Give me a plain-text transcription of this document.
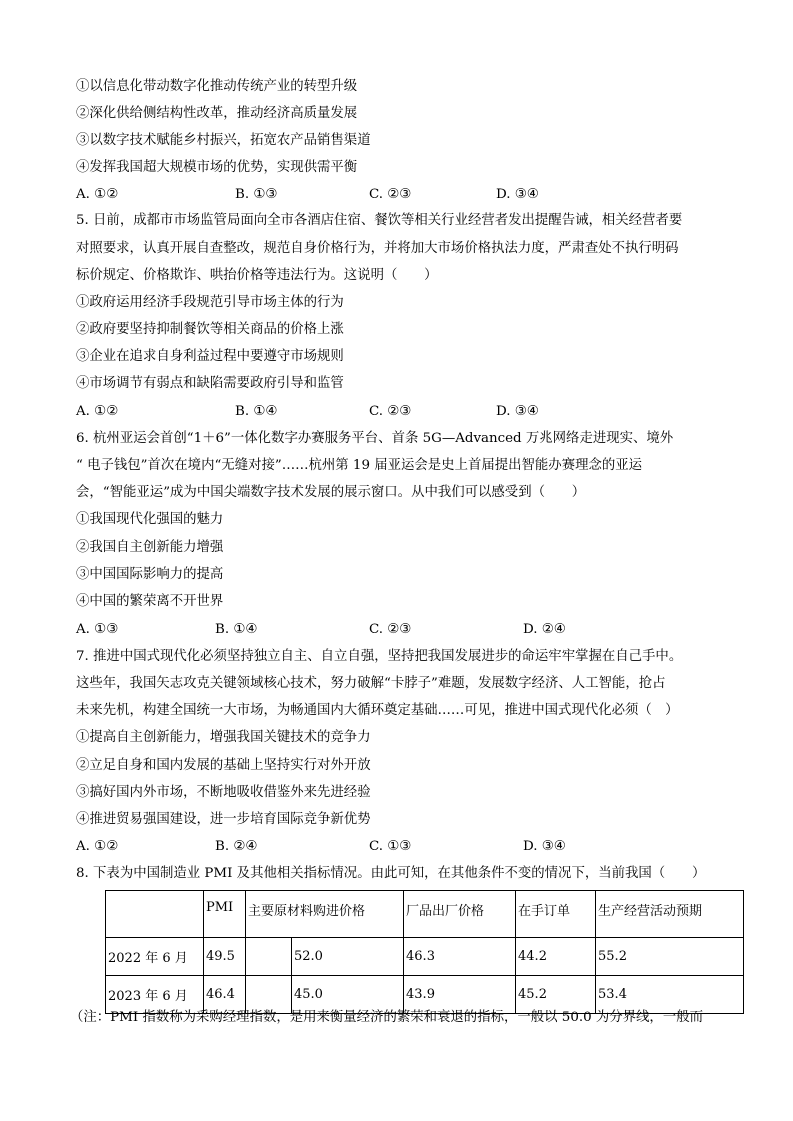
①以信息化带动数字化推动传统产业的转型升级
②深化供给侧结构性改革，推动经济高质量发展
③以数字技术赋能乡村振兴，拓宽农产品销售渠道
④发挥我国超大规模市场的优势，实现供需平衡
A. ①②	B. ①③	C. ②③	D. ③④
5. 日前，成都市市场监管局面向全市各酒店住宿、餐饮等相关行业经营者发出提醒告诫，相关经营者要
对照要求，认真开展自查整改，规范自身价格行为，并将加大市场价格执法力度，严肃查处不执行明码
标价规定、价格欺诈、哄抬价格等违法行为。这说明（　　）
①政府运用经济手段规范引导市场主体的行为
②政府要坚持抑制餐饮等相关商品的价格上涨
③企业在追求自身利益过程中要遵守市场规则
④市场调节有弱点和缺陷需要政府引导和监管
A. ①②	B. ①④	C. ②③	D. ③④
6. 杭州亚运会首创“1＋6”一体化数字办赛服务平台、首条 5G—Advanced 万兆网络走进现实、境外
“ 电子钱包”首次在境内“无缝对接”……杭州第 19 届亚运会是史上首届提出智能办赛理念的亚运
会，“智能亚运”成为中国尖端数字技术发展的展示窗口。从中我们可以感受到（　　）
①我国现代化强国的魅力
②我国自主创新能力增强
③中国国际影响力的提高
④中国的繁荣离不开世界
A. ①③	B. ①④	C. ②③	D. ②④
7. 推进中国式现代化必须坚持独立自主、自立自强，坚持把我国发展进步的命运牢牢掌握在自己手中。
这些年，我国矢志攻克关键领域核心技术，努力破解“卡脖子”难题，发展数字经济、人工智能，抢占
未来先机，构建全国统一大市场，为畅通国内大循环奠定基础……可见，推进中国式现代化必须（　）
①提高自主创新能力，增强我国关键技术的竞争力
②立足自身和国内发展的基础上坚持实行对外开放
③搞好国内外市场，不断地吸收借鉴外来先进经验
④推进贸易强国建设，进一步培育国际竞争新优势
A. ①②	B. ②④	C. ①③	D. ③④
8. 下表为中国制造业 PMI 及其他相关指标情况。由此可知，在其他条件不变的情况下，当前我国（　　）
	PMI	主要原材料购进价格		厂品出厂价格	在手订单	生产经营活动预期
2022 年 6 月	49.5		52.0	46.3	44.2	55.2
2023 年 6 月	46.4		45.0	43.9	45.2	53.4
（注：PMI 指数称为采购经理指数，是用来衡量经济的繁荣和衰退的指标，一般以 50.0 为分界线，一般而
